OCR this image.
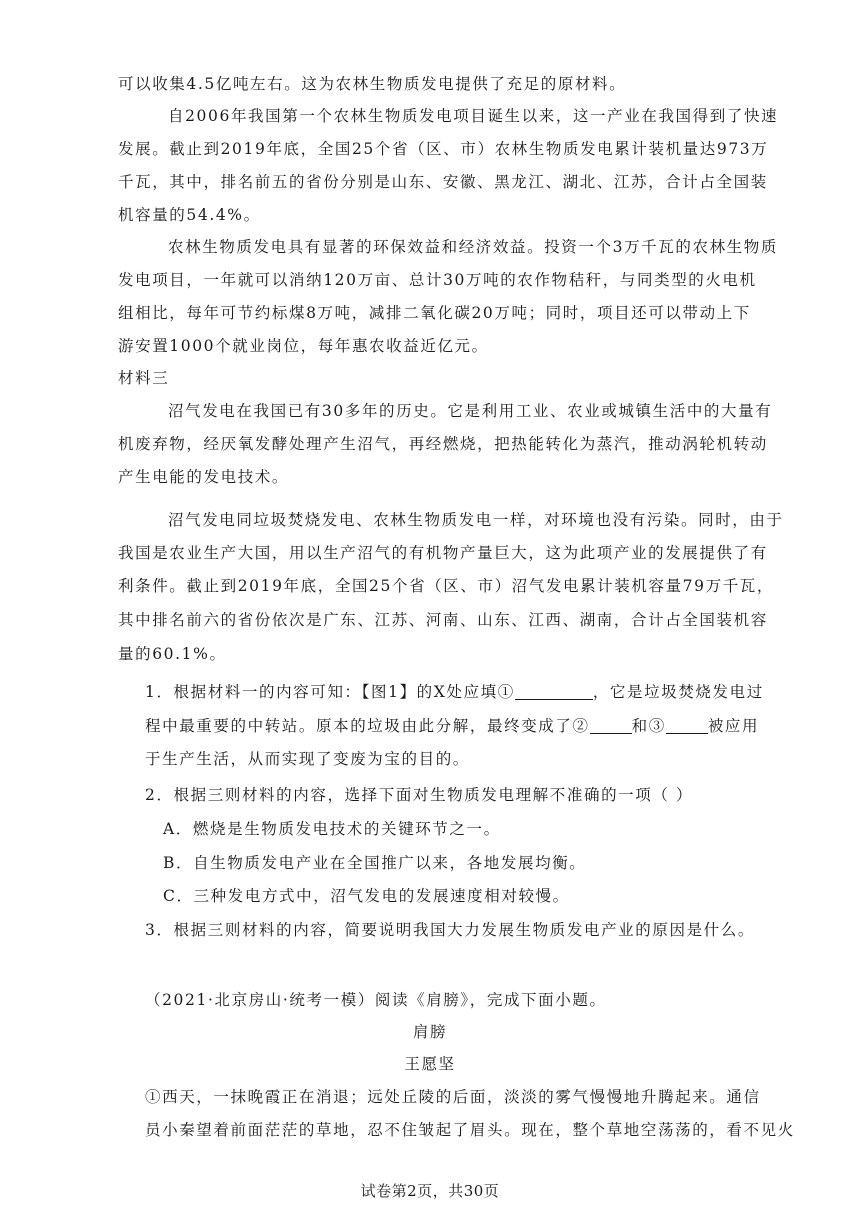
可以收集4.5亿吨左右。这为农林生物质发电提供了充足的原材料。
自2006年我国第一个农林生物质发电项目诞生以来，这一产业在我国得到了快速
发展。截止到2019年底，全国25个省（区、市）农林生物质发电累计装机量达973万
千瓦，其中，排名前五的省份分别是山东、安徽、黑龙江、湖北、江苏，合计占全国装
机容量的54.4%。
农林生物质发电具有显著的环保效益和经济效益。投资一个3万千瓦的农林生物质
发电项目，一年就可以消纳120万亩、总计30万吨的农作物秸秆，与同类型的火电机
组相比，每年可节约标煤8万吨，减排二氧化碳20万吨；同时，项目还可以带动上下
游安置1000个就业岗位，每年惠农收益近亿元。
材料三
沼气发电在我国已有30多年的历史。它是利用工业、农业或城镇生活中的大量有
机废弃物，经厌氧发酵处理产生沼气，再经燃烧，把热能转化为蒸汽，推动涡轮机转动
产生电能的发电技术。
沼气发电同垃圾焚烧发电、农林生物质发电一样，对环境也没有污染。同时，由于
我国是农业生产大国，用以生产沼气的有机物产量巨大，这为此项产业的发展提供了有
利条件。截止到2019年底，全国25个省（区、市）沼气发电累计装机容量79万千瓦，
其中排名前六的省份依次是广东、江苏、河南、山东、江西、湖南，合计占全国装机容
量的60.1%。
1．根据材料一的内容可知：【图1】的X处应填①	，它是垃圾焚烧发电过
程中最重要的中转站。原本的垃圾由此分解，最终变成了②	和③	被应用
于生产生活，从而实现了变废为宝的目的。
2．根据三则材料的内容，选择下面对生物质发电理解不准确的一项（ ）
A．燃烧是生物质发电技术的关键环节之一。
B．自生物质发电产业在全国推广以来，各地发展均衡。
C．三种发电方式中，沼气发电的发展速度相对较慢。
3．根据三则材料的内容，简要说明我国大力发展生物质发电产业的原因是什么。
（2021·北京房山·统考一模）阅读《肩膀》，完成下面小题。
肩膀
王愿坚
①西天，一抹晚霞正在消退；远处丘陵的后面，淡淡的雾气慢慢地升腾起来。通信
员小秦望着前面茫茫的草地，忍不住皱起了眉头。现在，整个草地空荡荡的，看不见火
试卷第2页，共30页
